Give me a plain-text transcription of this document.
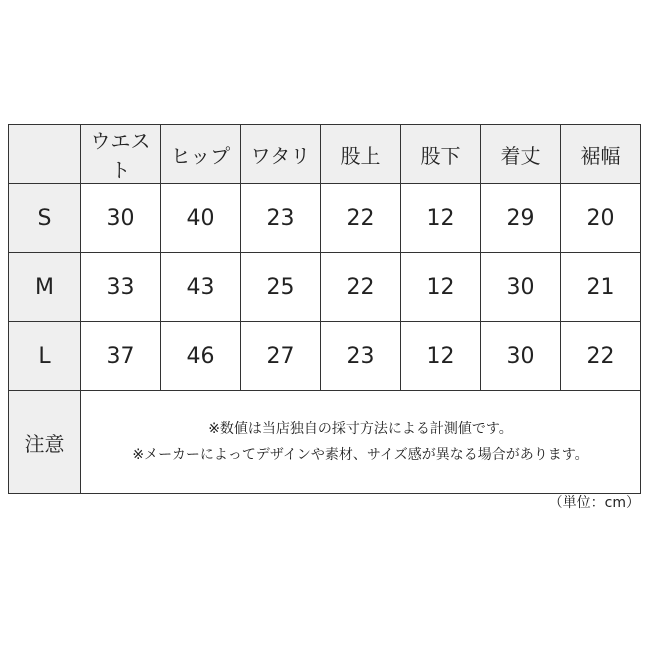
	ウエスト	ヒップ	ワタリ	股上	股下	着丈	裾幅
S	30	40	23	22	12	29	20
M	33	43	25	22	12	30	21
L	37	46	27	23	12	30	22
注意	※数値は当店独自の採寸方法による計測値です。
※メーカーによってデザインや素材、サイズ感が異なる場合があります。						
（単位：cm）
